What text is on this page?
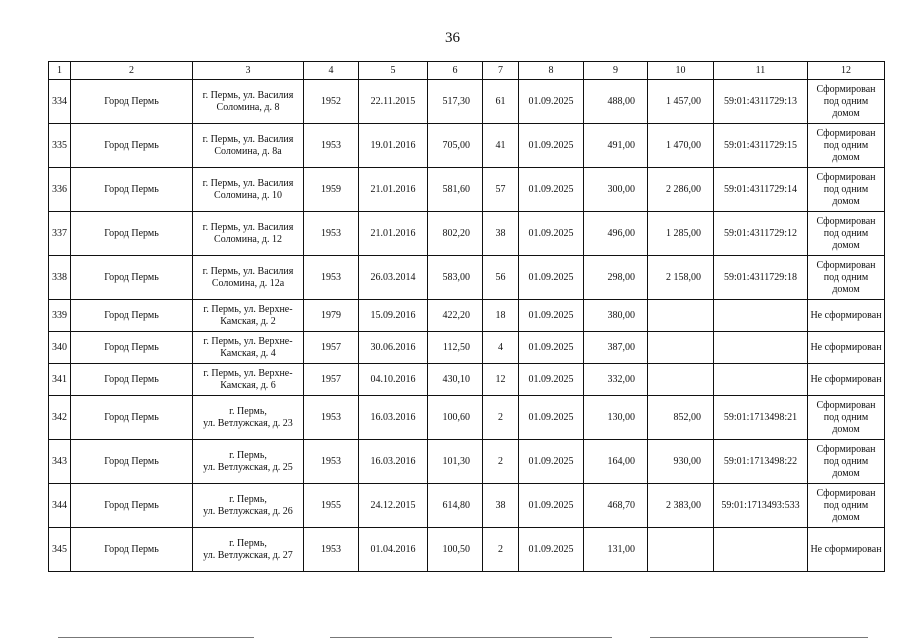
36
1	2	3	4	5	6	7	8	9	10	11	12
334	Город Пермь	г. Пермь, ул. Василия
Соломина, д. 8	1952	22.11.2015	517,30	61	01.09.2025	488,00	1 457,00	59:01:4311729:13	Сформирован под одним домом
335	Город Пермь	г. Пермь, ул. Василия
Соломина, д. 8а	1953	19.01.2016	705,00	41	01.09.2025	491,00	1 470,00	59:01:4311729:15	Сформирован под одним домом
336	Город Пермь	г. Пермь, ул. Василия
Соломина, д. 10	1959	21.01.2016	581,60	57	01.09.2025	300,00	2 286,00	59:01:4311729:14	Сформирован под одним домом
337	Город Пермь	г. Пермь, ул. Василия
Соломина, д. 12	1953	21.01.2016	802,20	38	01.09.2025	496,00	1 285,00	59:01:4311729:12	Сформирован под одним домом
338	Город Пермь	г. Пермь, ул. Василия
Соломина, д. 12а	1953	26.03.2014	583,00	56	01.09.2025	298,00	2 158,00	59:01:4311729:18	Сформирован под одним домом
339	Город Пермь	г. Пермь, ул. Верхне-
Камская, д. 2	1979	15.09.2016	422,20	18	01.09.2025	380,00			Не сформирован
340	Город Пермь	г. Пермь, ул. Верхне-
Камская, д. 4	1957	30.06.2016	112,50	4	01.09.2025	387,00			Не сформирован
341	Город Пермь	г. Пермь, ул. Верхне-
Камская, д. 6	1957	04.10.2016	430,10	12	01.09.2025	332,00			Не сформирован
342	Город Пермь	г. Пермь,
ул. Ветлужская, д. 23	1953	16.03.2016	100,60	2	01.09.2025	130,00	852,00	59:01:1713498:21	Сформирован под одним домом
343	Город Пермь	г. Пермь,
ул. Ветлужская, д. 25	1953	16.03.2016	101,30	2	01.09.2025	164,00	930,00	59:01:1713498:22	Сформирован под одним домом
344	Город Пермь	г. Пермь,
ул. Ветлужская, д. 26	1955	24.12.2015	614,80	38	01.09.2025	468,70	2 383,00	59:01:1713493:533	Сформирован под одним домом
345	Город Пермь	г. Пермь,
ул. Ветлужская, д. 27	1953	01.04.2016	100,50	2	01.09.2025	131,00			Не сформирован
